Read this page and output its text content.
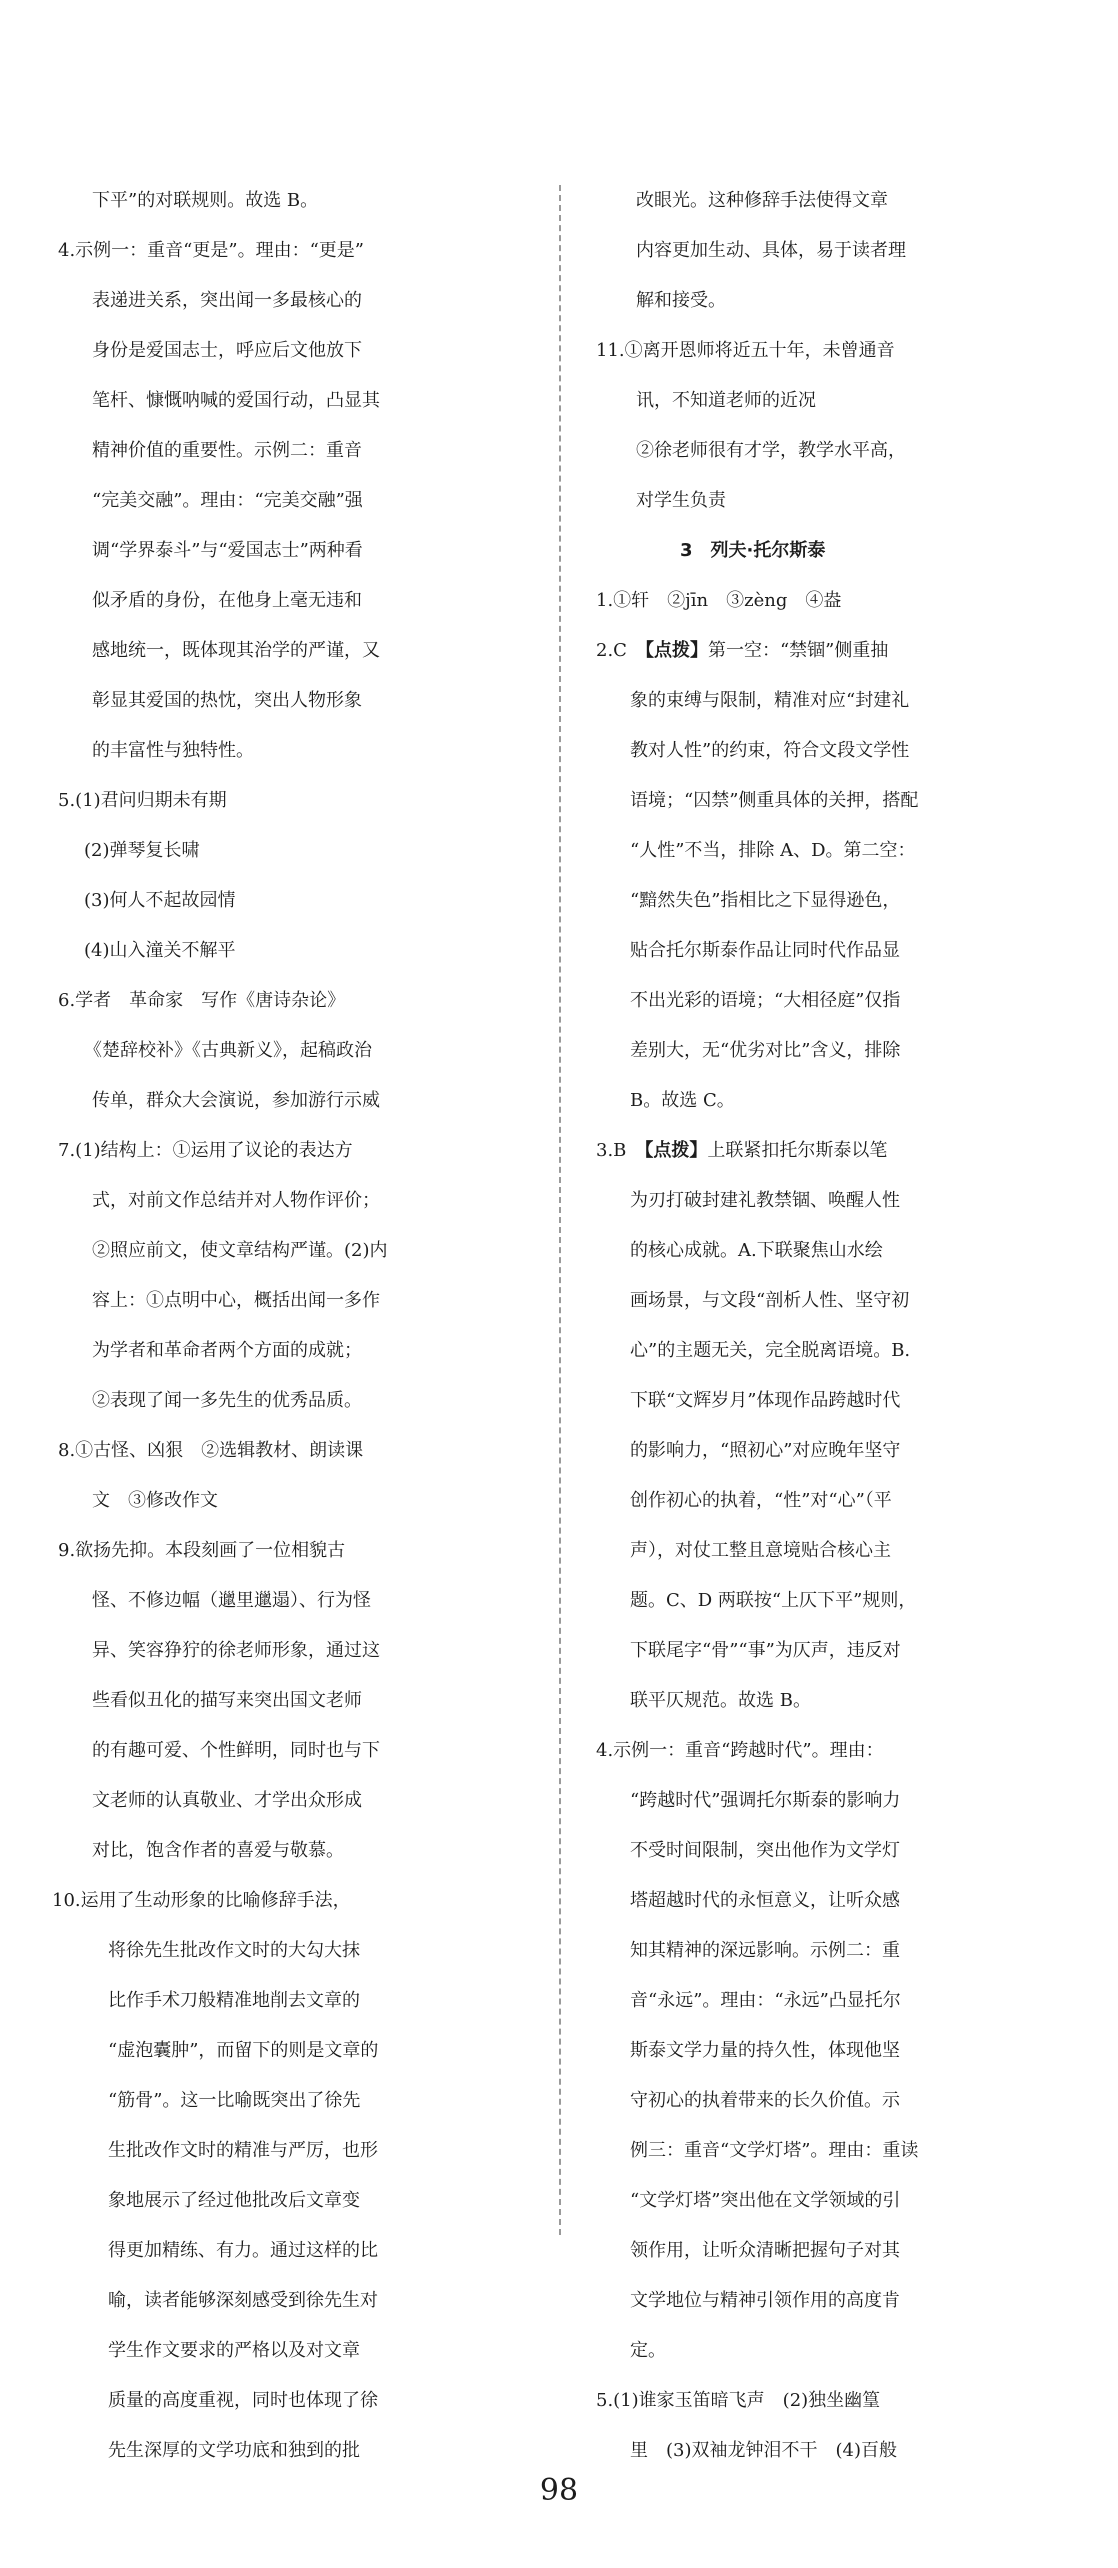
下平”的对联规则。故选 B。
4.示例一：重音“更是”。理由：“更是”
表递进关系，突出闻一多最核心的
身份是爱国志士，呼应后文他放下
笔杆、慷慨呐喊的爱国行动，凸显其
精神价值的重要性。示例二：重音
“完美交融”。理由：“完美交融”强
调“学界泰斗”与“爱国志士”两种看
似矛盾的身份，在他身上毫无违和
感地统一，既体现其治学的严谨，又
彰显其爱国的热忱，突出人物形象
的丰富性与独特性。
5.(1)君问归期未有期
(2)弹琴复长啸
(3)何人不起故园情
(4)山入潼关不解平
6.学者　革命家　写作《唐诗杂论》
《楚辞校补》《古典新义》，起稿政治
传单，群众大会演说，参加游行示威
7.(1)结构上：①运用了议论的表达方
式，对前文作总结并对人物作评价；
②照应前文，使文章结构严谨。(2)内
容上：①点明中心，概括出闻一多作
为学者和革命者两个方面的成就；
②表现了闻一多先生的优秀品质。
8.①古怪、凶狠　②选辑教材、朗读课
文　③修改作文
9.欲扬先抑。本段刻画了一位相貌古
怪、不修边幅（邋里邋遢）、行为怪
异、笑容狰狞的徐老师形象，通过这
些看似丑化的描写来突出国文老师
的有趣可爱、个性鲜明，同时也与下
文老师的认真敬业、才学出众形成
对比，饱含作者的喜爱与敬慕。
10.运用了生动形象的比喻修辞手法，
将徐先生批改作文时的大勾大抹
比作手术刀般精准地削去文章的
“虚泡囊肿”，而留下的则是文章的
“筋骨”。这一比喻既突出了徐先
生批改作文时的精准与严厉，也形
象地展示了经过他批改后文章变
得更加精练、有力。通过这样的比
喻，读者能够深刻感受到徐先生对
学生作文要求的严格以及对文章
质量的高度重视，同时也体现了徐
先生深厚的文学功底和独到的批
改眼光。这种修辞手法使得文章
内容更加生动、具体，易于读者理
解和接受。
11.①离开恩师将近五十年，未曾通音
讯，不知道老师的近况
②徐老师很有才学，教学水平高，
对学生负责
3　列夫·托尔斯泰
1.①轩　②jīn　③zèng　④盎
2.C　【点拨】第一空：“禁锢”侧重抽
象的束缚与限制，精准对应“封建礼
教对人性”的约束，符合文段文学性
语境；“囚禁”侧重具体的关押，搭配
“人性”不当，排除 A、D。第二空：
“黯然失色”指相比之下显得逊色，
贴合托尔斯泰作品让同时代作品显
不出光彩的语境；“大相径庭”仅指
差别大，无“优劣对比”含义，排除
B。故选 C。
3.B　【点拨】上联紧扣托尔斯泰以笔
为刃打破封建礼教禁锢、唤醒人性
的核心成就。A.下联聚焦山水绘
画场景，与文段“剖析人性、坚守初
心”的主题无关，完全脱离语境。B.
下联“文辉岁月”体现作品跨越时代
的影响力，“照初心”对应晚年坚守
创作初心的执着，“性”对“心”（平
声），对仗工整且意境贴合核心主
题。C、D 两联按“上仄下平”规则，
下联尾字“骨”“事”为仄声，违反对
联平仄规范。故选 B。
4.示例一：重音“跨越时代”。理由：
“跨越时代”强调托尔斯泰的影响力
不受时间限制，突出他作为文学灯
塔超越时代的永恒意义，让听众感
知其精神的深远影响。示例二：重
音“永远”。理由：“永远”凸显托尔
斯泰文学力量的持久性，体现他坚
守初心的执着带来的长久价值。示
例三：重音“文学灯塔”。理由：重读
“文学灯塔”突出他在文学领域的引
领作用，让听众清晰把握句子对其
文学地位与精神引领作用的高度肯
定。
5.(1)谁家玉笛暗飞声　(2)独坐幽篁
里　(3)双袖龙钟泪不干　(4)百般
98
